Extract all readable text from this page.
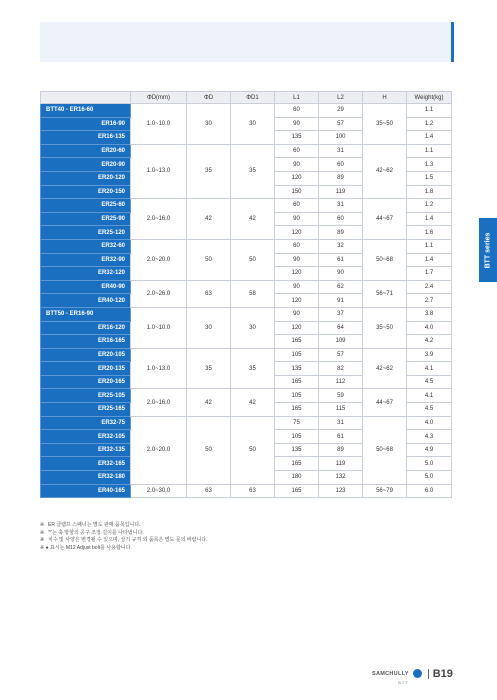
BTT series
	ΦD(mm)	ΦD	ΦD1	L1	L2	H	Weight(kg)
BTT40 - ER16-60	1.0~10.0	30	30	60	29	35~50	1.1
ER16-90				90	57		1.2
ER16-135				135	100		1.4
ER20-60	1.0~13.0	35	35	60	31	42~62	1.1
ER20-90				90	60		1.3
ER20-120				120	89		1.5
ER20-150				150	119		1.8
ER25-60	2.0~16.0	42	42	60	31	44~67	1.2
ER25-90				90	60		1.4
ER25-120				120	89		1.6
ER32-60	2.0~20.0	50	50	60	32	50~68	1.1
ER32-90				90	61		1.4
ER32-120				120	90		1.7
ER40-90	2.0~26.0	63	58	90	62	56~71	2.4
ER40-120				120	91		2.7
BTT50 - ER16-90	1.0~10.0	30	30	90	37	35~50	3.8
ER16-120				120	64		4.0
ER16-165				165	109		4.2
ER20-105	1.0~13.0	35	35	105	57	42~62	3.9
ER20-135				135	82		4.1
ER20-165				165	112		4.5
ER25-105	2.0~16.0	42	42	105	59	44~67	4.1
ER25-165				165	115		4.5
ER32-75	2.0~20.0	50	50	75	31	50~68	4.0
ER32-105				105	61		4.3
ER32-135				135	89		4.9
ER32-165				165	119		5.0
ER32-180				180	132		5.0
ER40-165	2.0~30.0	63	63	165	123	56~79	6.0
※ ER 클램프 스패너는 별도 판매 품목입니다.
※ '*'는 축 방향의 공구 조정 길이를 나타냅니다.
※ 치수 및 사양은 변경될 수 있으며, 상기 규격 외 품목은 별도 문의 바랍니다.
※ ● 표시는 M12 Adjust bolt를 사용합니다.
SAMCHULLY
BTT
B19
